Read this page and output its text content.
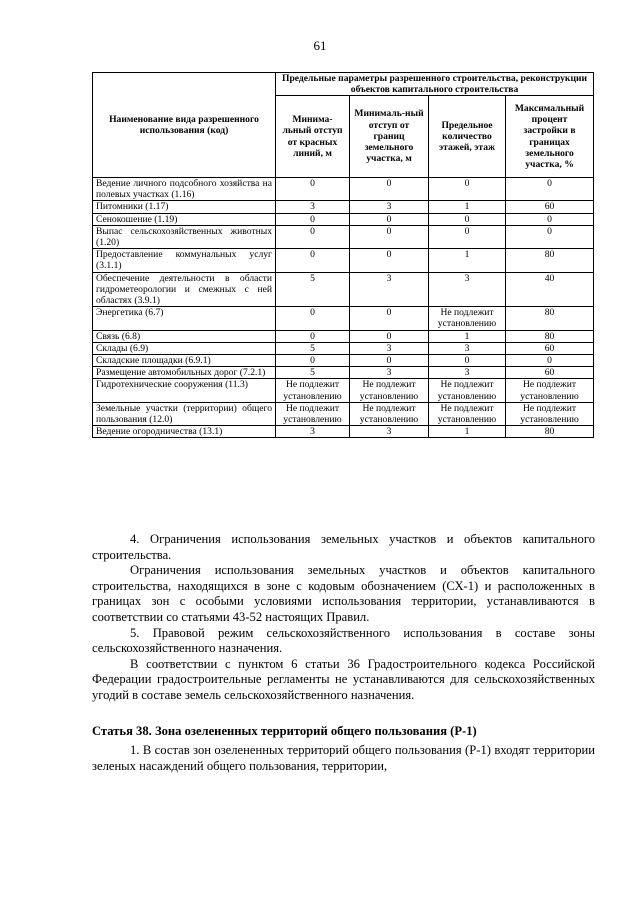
61
Наименование вида разрешенного использования (код)	Предельные параметры разрешенного строительства, реконструкции объектов капитального строительства			
	Минима-льный отступ от красных линий, м	Минималь-ный отступ от границ земельного участка, м	Предельное количество этажей, этаж	Максимальный процент застройки в границах земельного участка, %
Ведение личного подсобного хозяйства на полевых участках (1.16)	0	0	0	0
Питомники (1.17)	3	3	1	60
Сенокошение (1.19)	0	0	0	0
Выпас сельскохозяйственных животных (1.20)	0	0	0	0
Предоставление коммунальных услуг (3.1.1)	0	0	1	80
Обеспечение деятельности в области гидрометеорологии и смежных с ней областях (3.9.1)	5	3	3	40
Энергетика (6.7)	0	0	Не подлежит установлению	80
Связь (6.8)	0	0	1	80
Склады (6.9)	5	3	3	60
Складские площадки (6.9.1)	0	0	0	0
Размещение автомобильных дорог (7.2.1)	5	3	3	60
Гидротехнические сооружения (11.3)	Не подлежит установлению	Не подлежит установлению	Не подлежит установлению	Не подлежит установлению
Земельные участки (территории) общего пользования (12.0)	Не подлежит установлению	Не подлежит установлению	Не подлежит установлению	Не подлежит установлению
Ведение огородничества (13.1)	3	3	1	80

4. Ограничения использования земельных участков и объектов капитального строительства.

Ограничения использования земельных участков и объектов капитального строительства, находящихся в зоне с кодовым обозначением (СХ-1) и расположенных в границах зон с особыми условиями использования территории, устанавливаются в соответствии со статьями 43-52 настоящих Правил.

5. Правовой режим сельскохозяйственного использования в составе зоны сельскохозяйственного назначения.

В соответствии с пунктом 6 статьи 36 Градостроительного кодекса Российской Федерации градостроительные регламенты не устанавливаются для сельскохозяйственных угодий в составе земель сельскохозяйственного назначения.

Статья 38. Зона озелененных территорий общего пользования (Р-1)

1. В состав зон озелененных территорий общего пользования (Р-1) входят территории зеленых насаждений общего пользования, территории,
